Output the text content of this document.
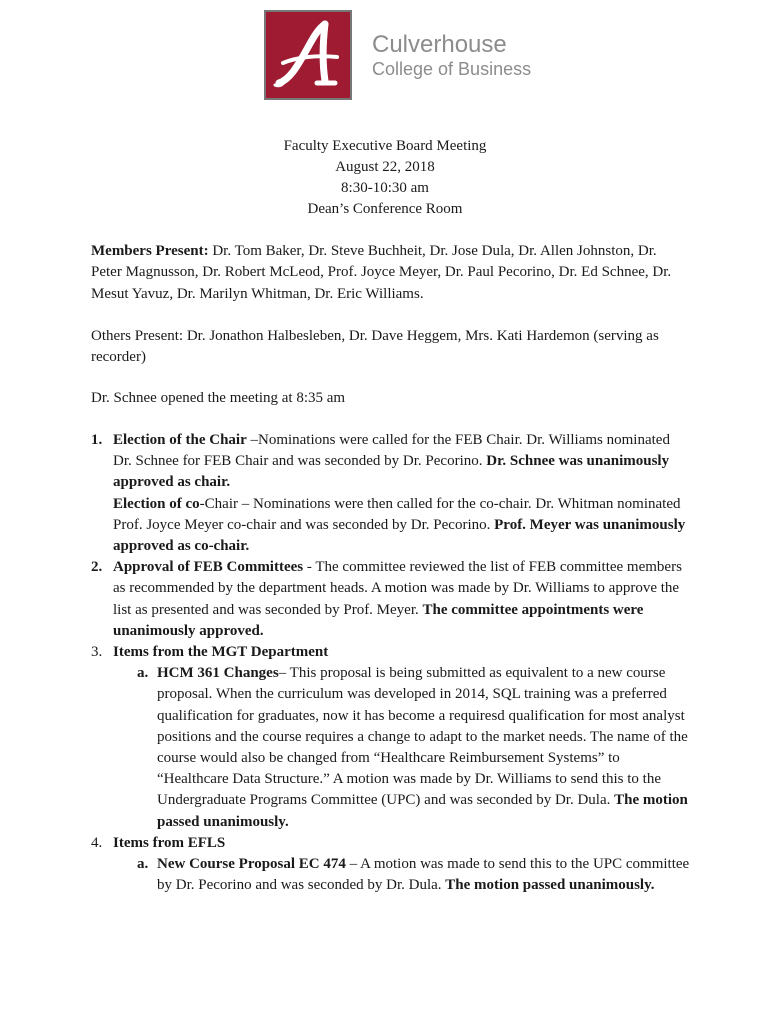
Culverhouse
College of Business
Faculty Executive Board Meeting
August 22, 2018
8:30-10:30 am
Dean’s Conference Room
Members Present: Dr. Tom Baker, Dr. Steve Buchheit, Dr. Jose Dula, Dr. Allen Johnston, Dr. Peter Magnusson, Dr. Robert McLeod, Prof. Joyce Meyer, Dr. Paul Pecorino, Dr. Ed Schnee, Dr. Mesut Yavuz, Dr. Marilyn Whitman, Dr. Eric Williams.
Others Present: Dr. Jonathon Halbesleben, Dr. Dave Heggem, Mrs. Kati Hardemon (serving as recorder)
Dr. Schnee opened the meeting at 8:35 am
1. Election of the Chair –Nominations were called for the FEB Chair. Dr. Williams nominated Dr. Schnee for FEB Chair and was seconded by Dr. Pecorino. Dr. Schnee was unanimously approved as chair.
Election of co-Chair – Nominations were then called for the co-chair. Dr. Whitman nominated Prof. Joyce Meyer co-chair and was seconded by Dr. Pecorino. Prof. Meyer was unanimously approved as co-chair.
2. Approval of FEB Committees - The committee reviewed the list of FEB committee members as recommended by the department heads. A motion was made by Dr. Williams to approve the list as presented and was seconded by Prof. Meyer. The committee appointments were unanimously approved.
3. Items from the MGT Department
a. HCM 361 Changes– This proposal is being submitted as equivalent to a new course proposal. When the curriculum was developed in 2014, SQL training was a preferred qualification for graduates, now it has become a requiresd qualification for most analyst positions and the course requires a change to adapt to the market needs. The name of the course would also be changed from “Healthcare Reimbursement Systems” to “Healthcare Data Structure.” A motion was made by Dr. Williams to send this to the Undergraduate Programs Committee (UPC) and was seconded by Dr. Dula. The motion passed unanimously.
4. Items from EFLS
a. New Course Proposal EC 474 – A motion was made to send this to the UPC committee by Dr. Pecorino and was seconded by Dr. Dula. The motion passed unanimously.
